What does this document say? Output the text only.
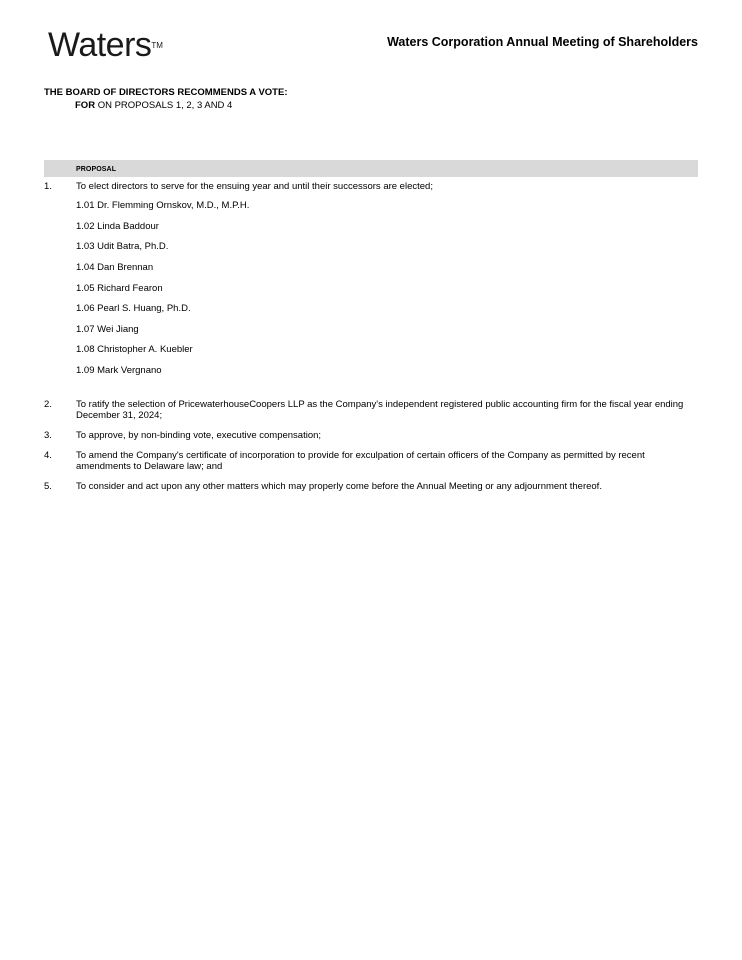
Waters™	Waters Corporation Annual Meeting of Shareholders
THE BOARD OF DIRECTORS RECOMMENDS A VOTE:
FOR ON PROPOSALS 1, 2, 3 AND 4
PROPOSAL
1.	To elect directors to serve for the ensuing year and until their successors are elected;
1.01 Dr. Flemming Ornskov, M.D., M.P.H.
1.02 Linda Baddour
1.03 Udit Batra, Ph.D.
1.04 Dan Brennan
1.05 Richard Fearon
1.06 Pearl S. Huang, Ph.D.
1.07 Wei Jiang
1.08 Christopher A. Kuebler
1.09 Mark Vergnano
2.	To ratify the selection of PricewaterhouseCoopers LLP as the Company's independent registered public accounting firm for the fiscal year ending December 31, 2024;
3.	To approve, by non-binding vote, executive compensation;
4.	To amend the Company's certificate of incorporation to provide for exculpation of certain officers of the Company as permitted by recent amendments to Delaware law; and
5.	To consider and act upon any other matters which may properly come before the Annual Meeting or any adjournment thereof.
